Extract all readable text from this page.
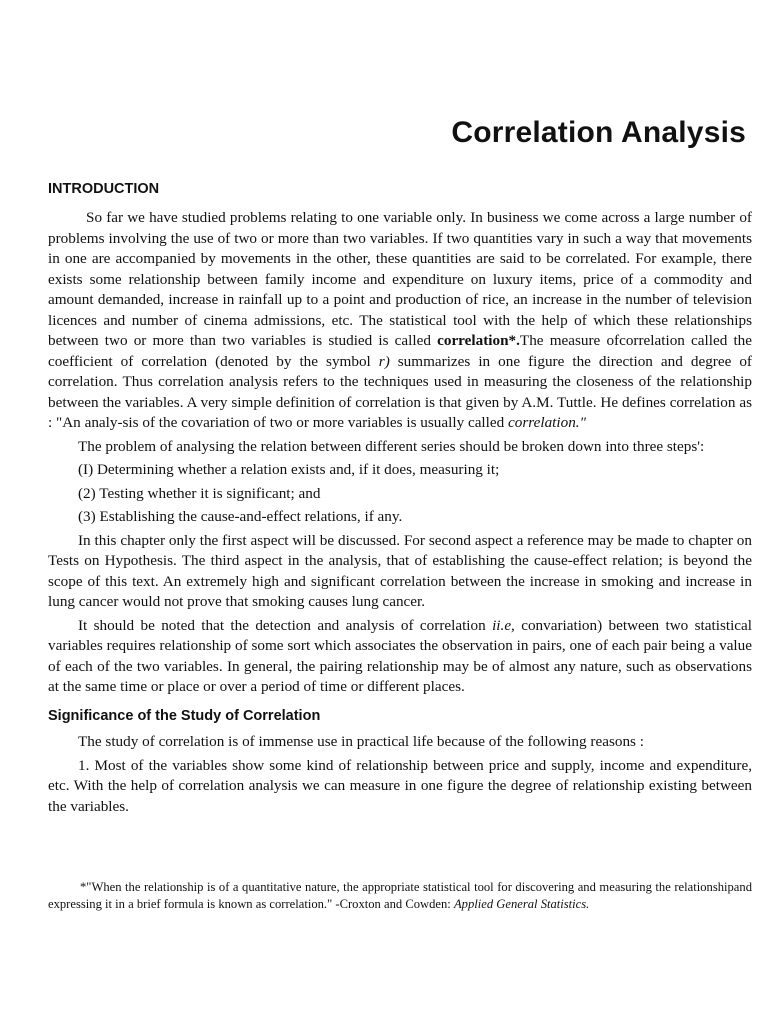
Correlation Analysis
INTRODUCTION

So far we have studied problems relating to one variable only. In business we come across a large number of problems involving the use of two or more than two variables. If two quantities vary in such a way that movements in one are accompanied by movements in the other, these quantities are said to be correlated. For example, there exists some relationship between family income and expenditure on luxury items, price of a commodity and amount demanded, increase in rainfall up to a point and production of rice, an increase in the number of television licences and number of cinema admissions, etc. The statistical tool with the help of which these relationships between two or more than two variables is studied is called correlation*.The measure ofcorrelation called the coefficient of correlation (denoted by the symbol r) summarizes in one figure the direction and degree of correlation. Thus correlation analysis refers to the techniques used in measuring the closeness of the relationship between the variables. A very simple definition of correlation is that given by A.M. Tuttle. He defines correlation as : "An analy-sis of the covariation of two or more variables is usually called correlation."

The problem of analysing the relation between different series should be broken down into three steps':

(I) Determining whether a relation exists and, if it does, measuring it;

(2) Testing whether it is significant; and

(3) Establishing the cause-and-effect relations, if any.

In this chapter only the first aspect will be discussed. For second aspect a reference may be made to chapter on Tests on Hypothesis. The third aspect in the analysis, that of establishing the cause-effect relation; is beyond the scope of this text. An extremely high and significant correlation between the increase in smoking and increase in lung cancer would not prove that smoking causes lung cancer.

It should be noted that the detection and analysis of correlation ii.e, convariation) between two statistical variables requires relationship of some sort which associates the observation in pairs, one of each pair being a value of each of the two variables. In general, the pairing relationship may be of almost any nature, such as observations at the same time or place or over a period of time or different places.

Significance of the Study of Correlation

The study of correlation is of immense use in practical life because of the following reasons :

1. Most of the variables show some kind of relationship between price and supply, income and expenditure, etc. With the help of correlation analysis we can measure in one figure the degree of relationship existing between the variables.

*"When the relationship is of a quantitative nature, the appropriate statistical tool for discovering and measuring the relationshipand expressing it in a brief formula is known as correlation." -Croxton and Cowden: Applied General Statistics.
